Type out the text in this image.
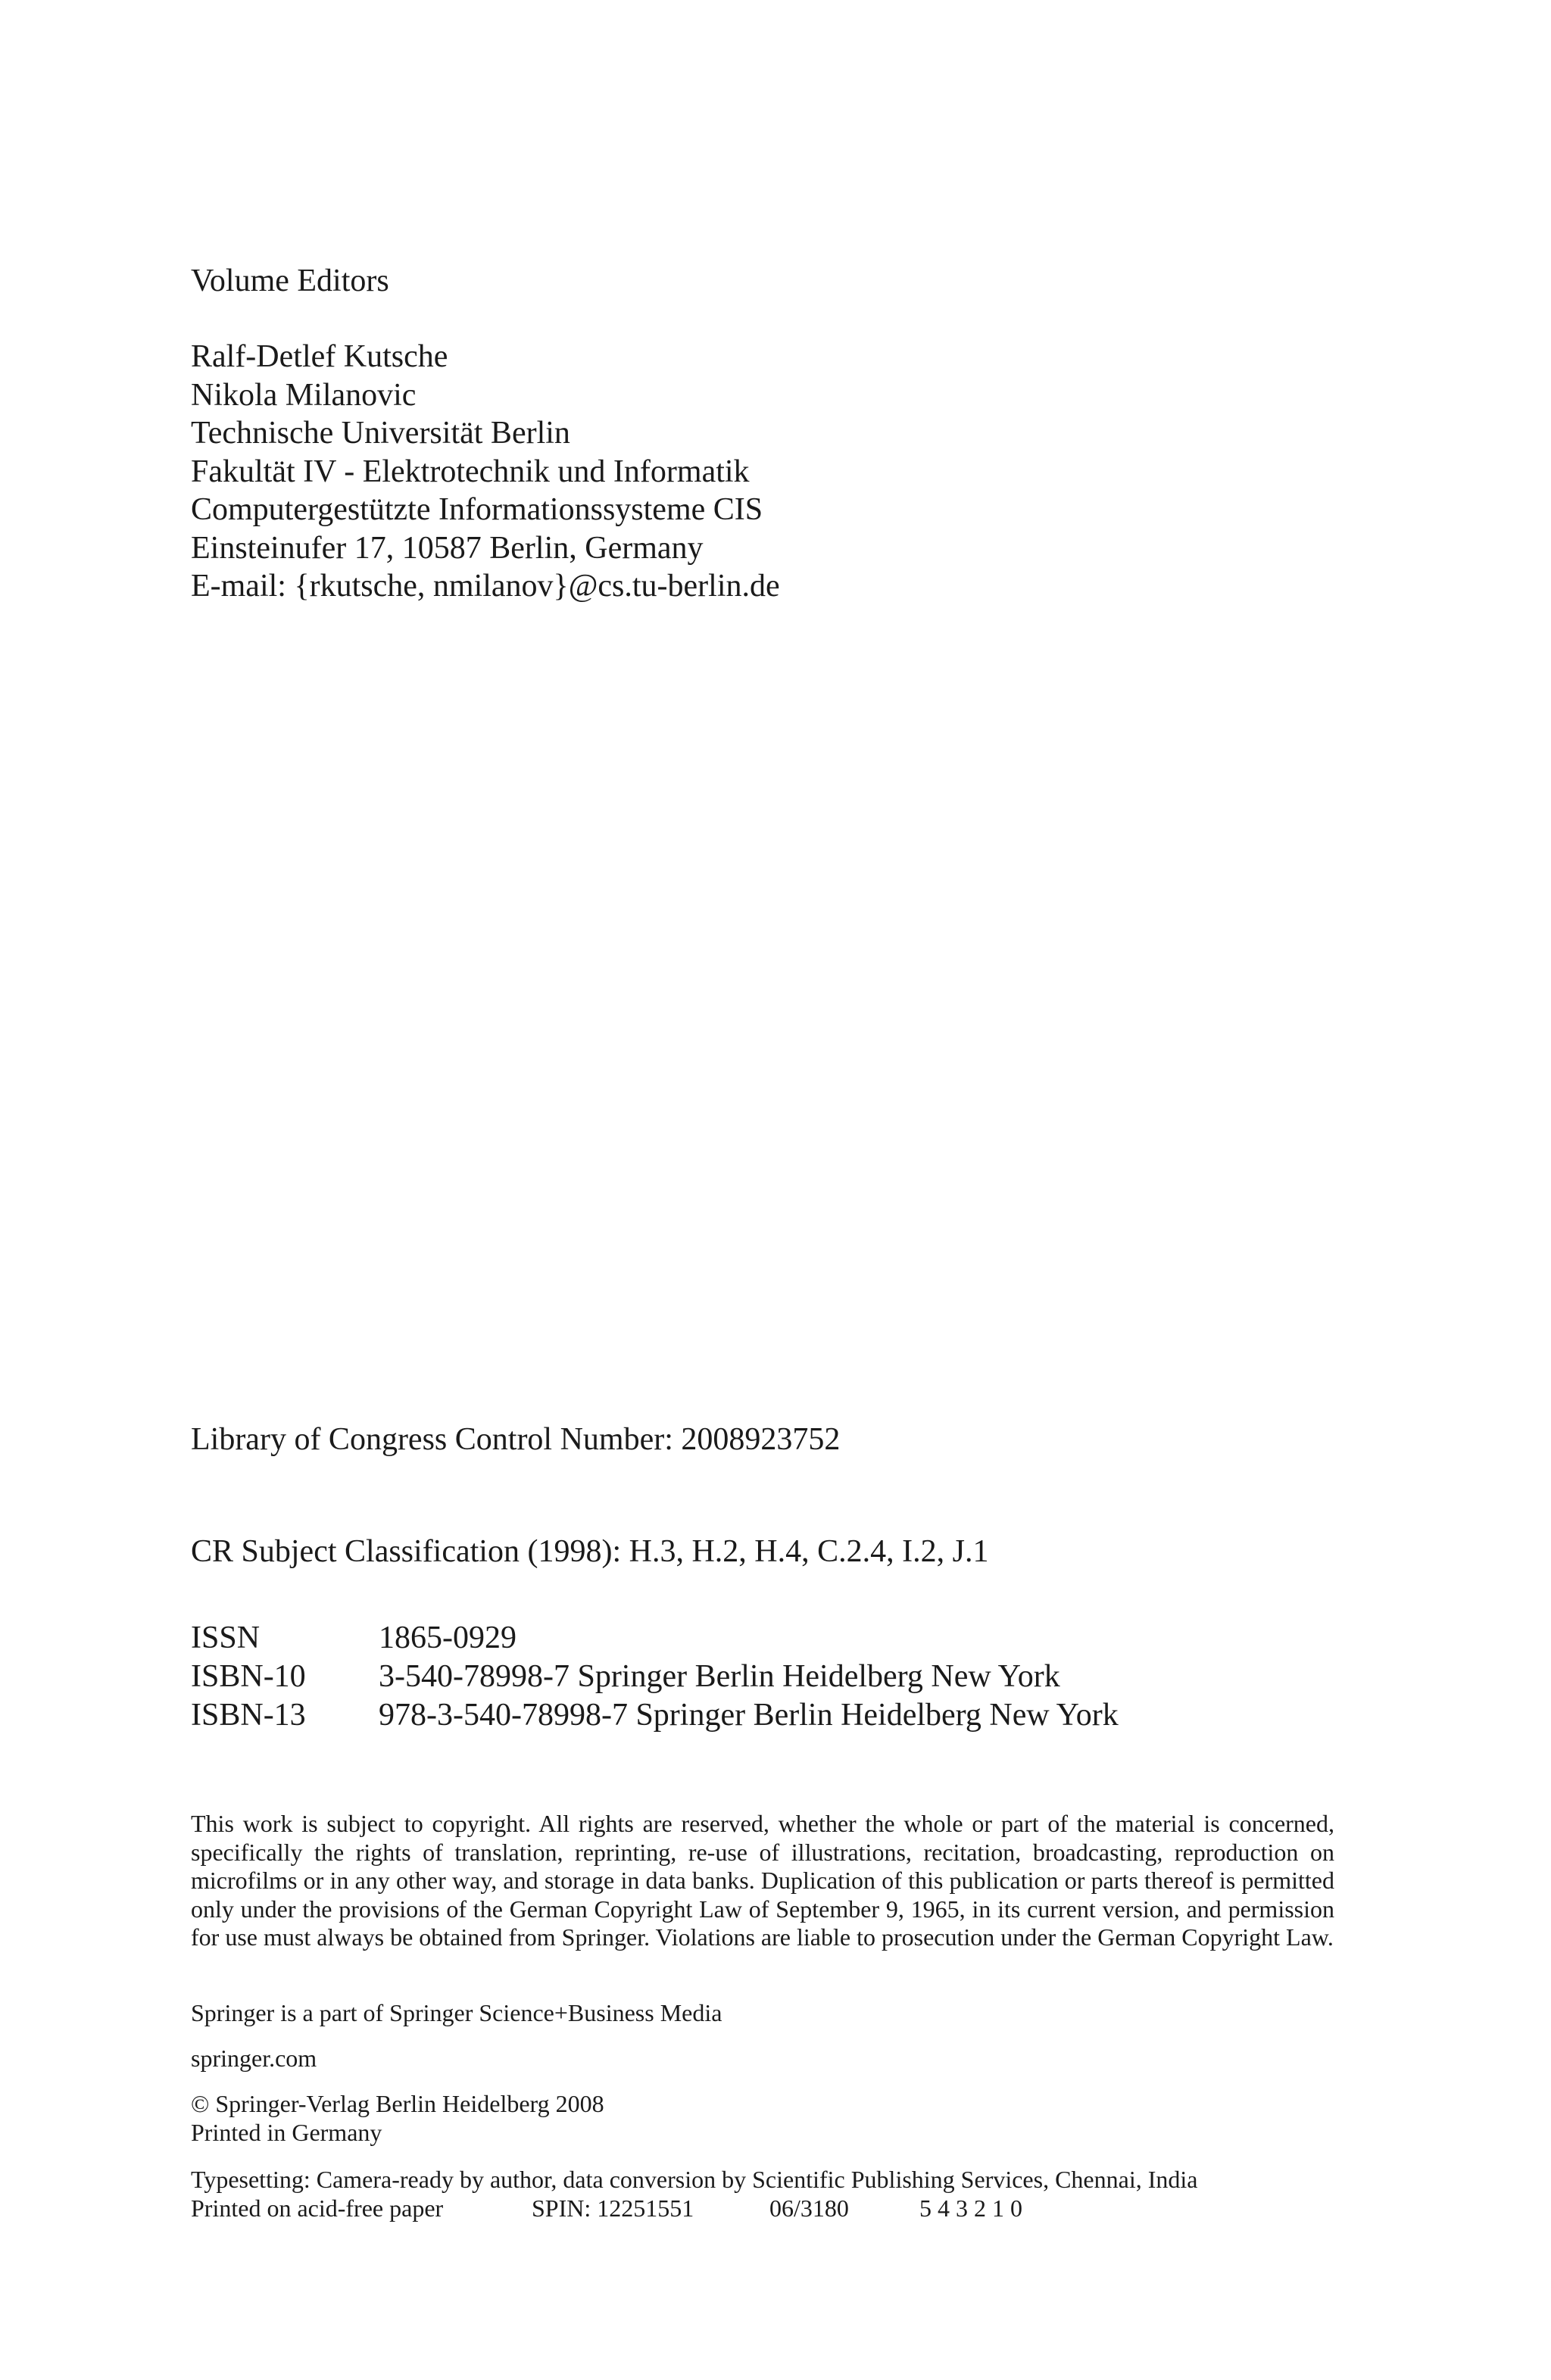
Volume Editors
Ralf-Detlef Kutsche
Nikola Milanovic
Technische Universität Berlin
Fakultät IV - Elektrotechnik und Informatik
Computergestützte Informationssysteme CIS
Einsteinufer 17, 10587 Berlin, Germany
E-mail: {rkutsche, nmilanov}@cs.tu-berlin.de
Library of Congress Control Number: 2008923752
CR Subject Classification (1998): H.3, H.2, H.4, C.2.4, I.2, J.1
ISSN	1865-0929
ISBN-10 3-540-78998-7 Springer Berlin Heidelberg New York
ISBN-13 978-3-540-78998-7 Springer Berlin Heidelberg New York
This work is subject to copyright. All rights are reserved, whether the whole or part of the material is concerned, specifically the rights of translation, reprinting, re-use of illustrations, recitation, broadcasting, reproduction on microfilms or in any other way, and storage in data banks. Duplication of this publication or parts thereof is permitted only under the provisions of the German Copyright Law of September 9, 1965, in its current version, and permission for use must always be obtained from Springer. Violations are liable to prosecution under the German Copyright Law.
Springer is a part of Springer Science+Business Media
springer.com
© Springer-Verlag Berlin Heidelberg 2008
Printed in Germany
Typesetting: Camera-ready by author, data conversion by Scientific Publishing Services, Chennai, India
Printed on acid-free paper	SPIN: 12251551	06/3180	5 4 3 2 1 0
